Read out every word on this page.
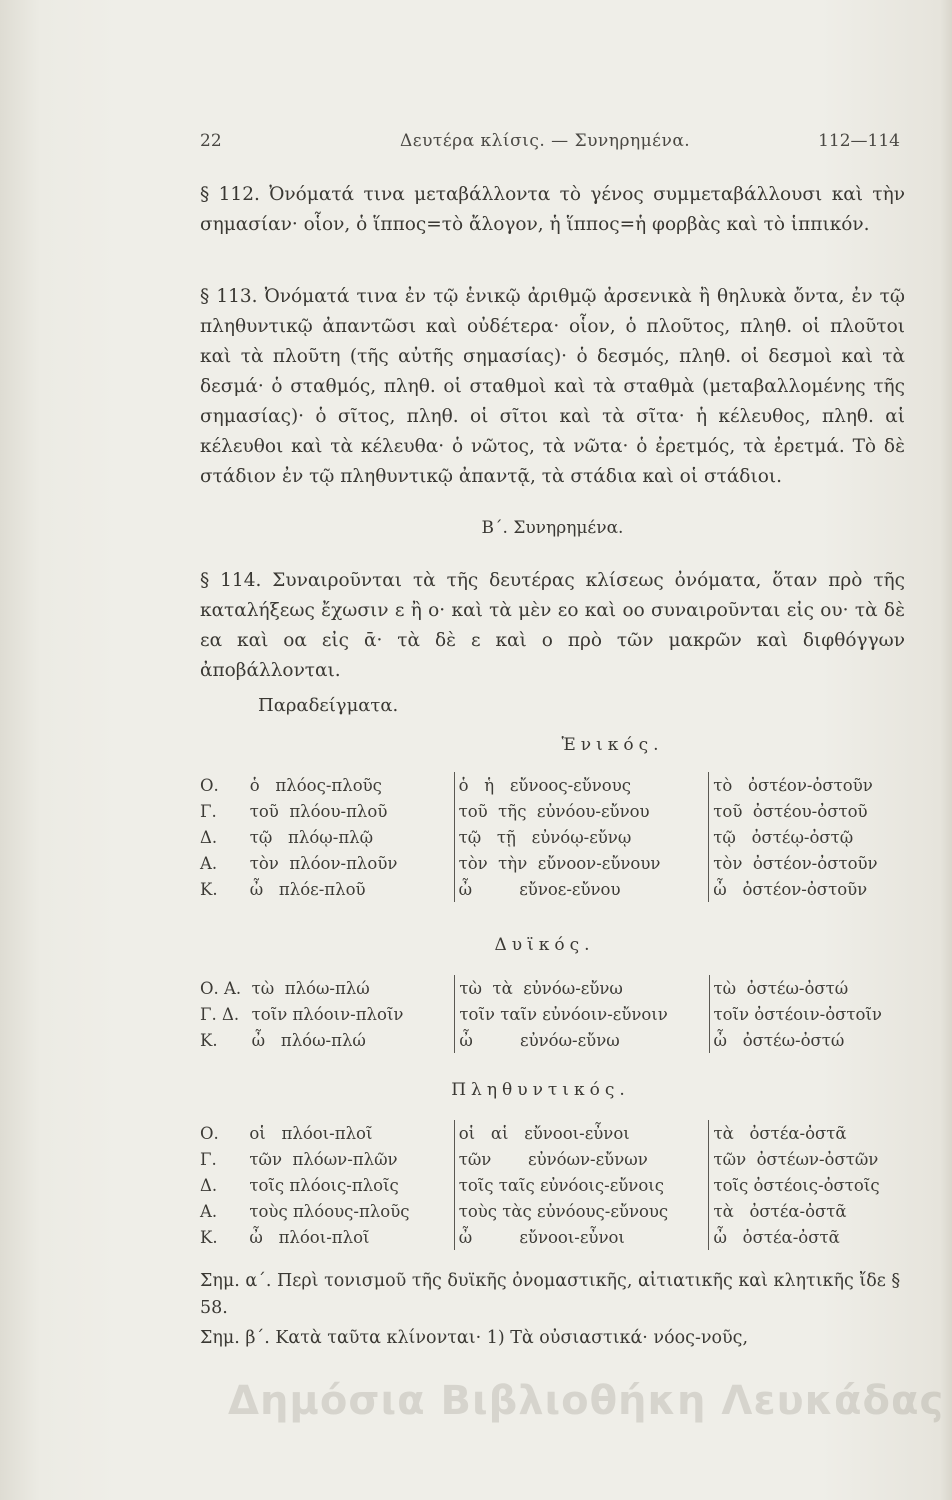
22	Δευτέρα κλίσις. — Συνηρημένα.	112—114
§ 112. Ὀνόματά τινα μεταβάλλοντα τὸ γένος συμμεταβάλλουσι καὶ τὴν σημασίαν· οἷον, ὁ ἵππος=τὸ ἄλογον, ἡ ἵππος=ἡ φορβὰς καὶ τὸ ἱππικόν.
§ 113. Ὀνόματά τινα ἐν τῷ ἑνικῷ ἀριθμῷ ἀρσενικὰ ἢ θηλυκὰ ὄντα, ἐν τῷ πληθυντικῷ ἀπαντῶσι καὶ οὐδέτερα· οἷον, ὁ πλοῦτος, πληθ. οἱ πλοῦτοι καὶ τὰ πλοῦτη (τῆς αὐτῆς σημασίας)· ὁ δεσμός, πληθ. οἱ δεσμοὶ καὶ τὰ δεσμά· ὁ σταθμός, πληθ. οἱ σταθμοὶ καὶ τὰ σταθμὰ (μεταβαλλομένης τῆς σημασίας)· ὁ σῖτος, πληθ. οἱ σῖτοι καὶ τὰ σῖτα· ἡ κέλευθος, πληθ. αἱ κέλευθοι καὶ τὰ κέλευθα· ὁ νῶτος, τὰ νῶτα· ὁ ἐρετμός, τὰ ἐρετμά. Τὸ δὲ στάδιον ἐν τῷ πληθυντικῷ ἀπαντᾷ, τὰ στάδια καὶ οἱ στάδιοι.
Β΄. Συνηρημένα.
§ 114. Συναιροῦνται τὰ τῆς δευτέρας κλίσεως ὀνόματα, ὅταν πρὸ τῆς καταλήξεως ἔχωσιν ε ἢ ο· καὶ τὰ μὲν εο καὶ οο συναιροῦνται εἰς ου· τὰ δὲ εα καὶ οα εἰς ᾱ· τὰ δὲ ε καὶ ο πρὸ τῶν μακρῶν καὶ διφθόγγων ἀποβάλλονται.
Παραδείγματα.
Ἑνικός.
Ο.	ὁ   πλόος-πλοῦς	ὁ   ἡ   εὔνοος-εὔνους	τὸ   ὀστέον-ὀστοῦν
Γ.	τοῦ  πλόου-πλοῦ	τοῦ  τῆς  εὐνόου-εὔνου	τοῦ  ὀστέου-ὀστοῦ
Δ.	τῷ   πλόῳ-πλῷ	τῷ   τῇ   εὐνόῳ-εὔνῳ	τῷ   ὀστέῳ-ὀστῷ
Α.	τὸν  πλόον-πλοῦν	τὸν  τὴν  εὔνοον-εὔνουν	τὸν  ὀστέον-ὀστοῦν
Κ.	ὦ   πλόε-πλοῦ	ὦ         εὔνοε-εὔνου	ὦ   ὀστέον-ὀστοῦν
Δυϊκός.
Ο. Α.	τὼ  πλόω-πλώ	τὼ  τὰ  εὐνόω-εὔνω	τὼ  ὀστέω-ὀστώ
Γ. Δ.	τοῖν πλόοιν-πλοῖν	τοῖν ταῖν εὐνόοιν-εὔνοιν	τοῖν ὀστέοιν-ὀστοῖν
Κ.	ὦ   πλόω-πλώ	ὦ         εὐνόω-εὔνω	ὦ   ὀστέω-ὀστώ
Πληθυντικός.
Ο.	οἱ   πλόοι-πλοῖ	οἱ   αἱ   εὔνοοι-εὖνοι	τὰ   ὀστέα-ὀστᾶ
Γ.	τῶν  πλόων-πλῶν	τῶν       εὐνόων-εὔνων	τῶν  ὀστέων-ὀστῶν
Δ.	τοῖς πλόοις-πλοῖς	τοῖς ταῖς εὐνόοις-εὔνοις	τοῖς ὀστέοις-ὀστοῖς
Α.	τοὺς πλόους-πλοῦς	τοὺς τὰς εὐνόους-εὔνους	τὰ   ὀστέα-ὀστᾶ
Κ.	ὦ   πλόοι-πλοῖ	ὦ         εὔνοοι-εὖνοι	ὦ   ὀστέα-ὀστᾶ
Σημ. α΄. Περὶ τονισμοῦ τῆς δυϊκῆς ὀνομαστικῆς, αἰτιατικῆς καὶ κλητικῆς ἴδε § 58.
Σημ. β΄. Κατὰ ταῦτα κλίνονται· 1) Τὰ οὐσιαστικά· νόος-νοῦς,
Δημόσια Βιβλιοθήκη Λευκάδας
